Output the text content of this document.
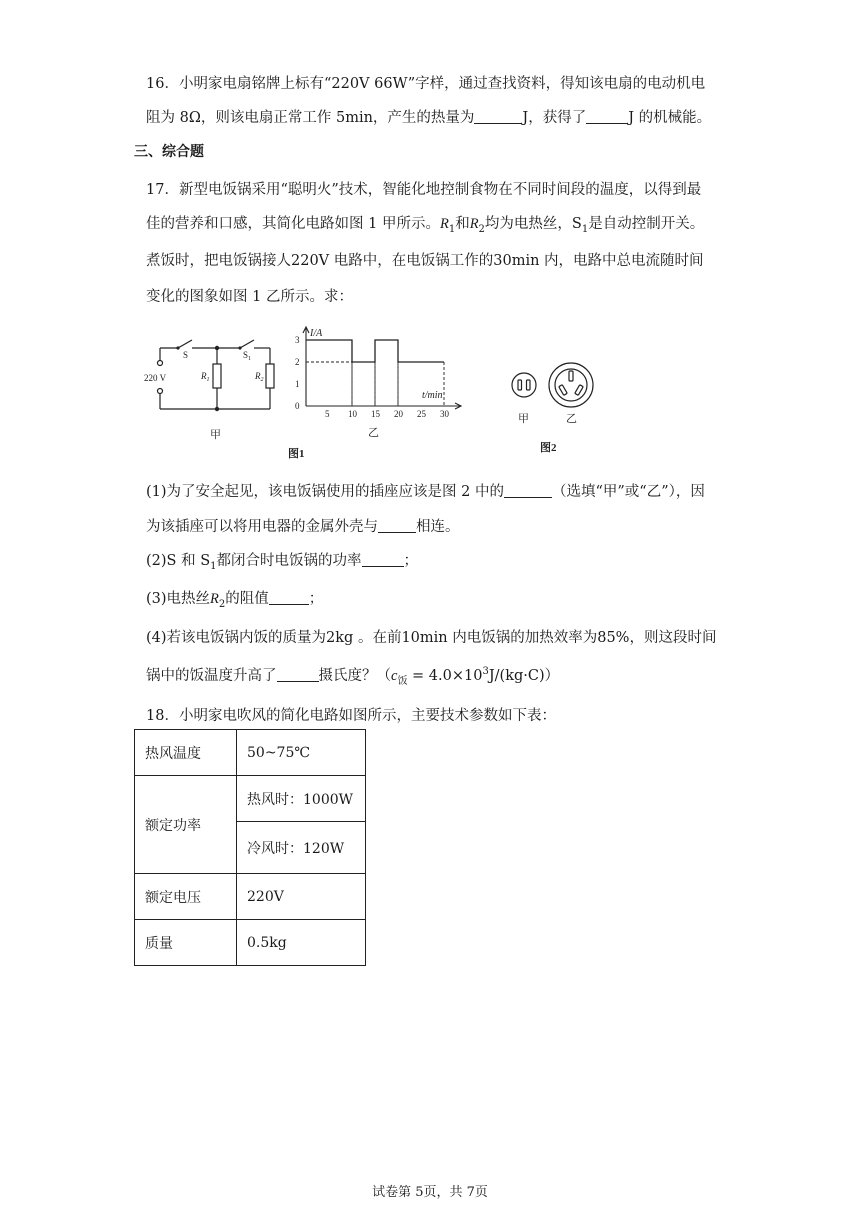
16．小明家电扇铭牌上标有“220V 66W”字样，通过查找资料，得知该电扇的电动机电
阻为 8Ω，则该电扇正常工作 5min，产生的热量为	J，获得了	J 的机械能。
三、综合题
17．新型电饭锅采用“聪明火”技术，智能化地控制食物在不同时间段的温度，以得到最
佳的营养和口感，其简化电路如图 1 甲所示。$R_1$和$R_2$均为电热丝，$S_1$是自动控制开关。
煮饭时，把电饭锅接人220V 电路中，在电饭锅工作的30min 内，电路中总电流随时间
变化的图象如图 1 乙所示。求：
S	$S_1$
220 V	$R_1$	$R_2$
甲
0
1
2
3
5 10 15 20 25 30
I/A
t/min
乙
图1
甲	乙
图2
(1)为了安全起见，该电饭锅使用的插座应该是图 2 中的	（选填“甲”或“乙”），因
为该插座可以将用电器的金属外壳与	相连。
(2)S 和 $S_1$都闭合时电饭锅的功率	；
(3)电热丝$R_2$的阻值	；
(4)若该电饭锅内饭的质量为2kg 。在前10min 内电饭锅的加热效率为85%，则这段时间
锅中的饭温度升高了	摄氏度？$(c_饭 = 4.0\times 10^3J/(kg\cdot C))$
18．小明家电吹风的简化电路如图所示，主要技术参数如下表：
热风温度	50~75℃
额定功率	热风时：1000W
	冷风时：120W
额定电压	220V
质量	0.5kg
试卷第 5页，共 7页
